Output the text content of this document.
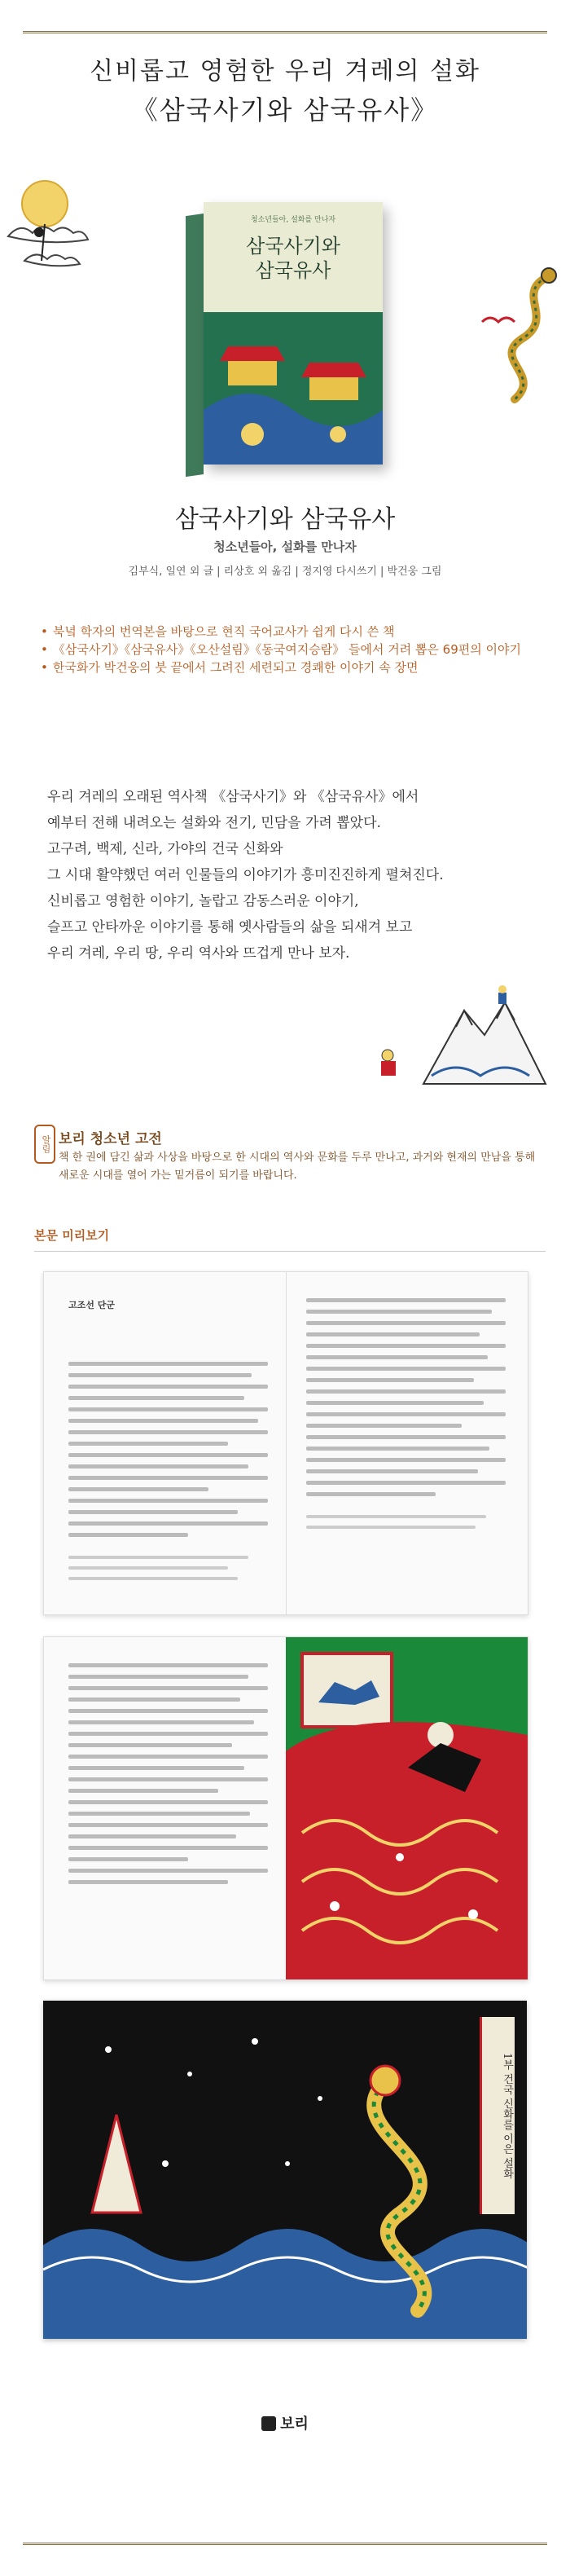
신비롭고 영험한 우리 겨레의 설화
《삼국사기와 삼국유사》
청소년들아, 설화를 만나자
삼국사기와
삼국유사
삼국사기와 삼국유사
청소년들아, 설화를 만나자
김부식, 일연 외 글 | 리상호 외 옮김 | 정지영 다시쓰기 | 박건웅 그림
• 북녘 학자의 번역본을 바탕으로 현직 국어교사가 쉽게 다시 쓴 책
• 《삼국사기》《삼국유사》《오산설림》《동국여지승람》 들에서 거려 뽑은 69편의 이야기
• 한국화가 박건웅의 붓 끝에서 그려진 세련되고 경쾌한 이야기 속 장면
우리 겨레의 오래된 역사책 《삼국사기》와 《삼국유사》에서
예부터 전해 내려오는 설화와 전기, 민담을 가려 뽑았다.
고구려, 백제, 신라, 가야의 건국 신화와
그 시대 활약했던 여러 인물들의 이야기가 흥미진진하게 펼쳐진다.
신비롭고 영험한 이야기, 놀랍고 감동스러운 이야기,
슬프고 안타까운 이야기를 통해 옛사람들의 삶을 되새겨 보고
우리 겨레, 우리 땅, 우리 역사와 뜨겁게 만나 보자.
알림 보리 청소년 고전
책 한 권에 담긴 삶과 사상을 바탕으로 한 시대의 역사와 문화를 두루 만나고, 과거와 현재의 만남을 통해 새로운 시대를 열어 가는 밑거름이 되기를 바랍니다.
본문 미리보기
고조선 단군
1부 건국 신화를 이은 설화
보리
